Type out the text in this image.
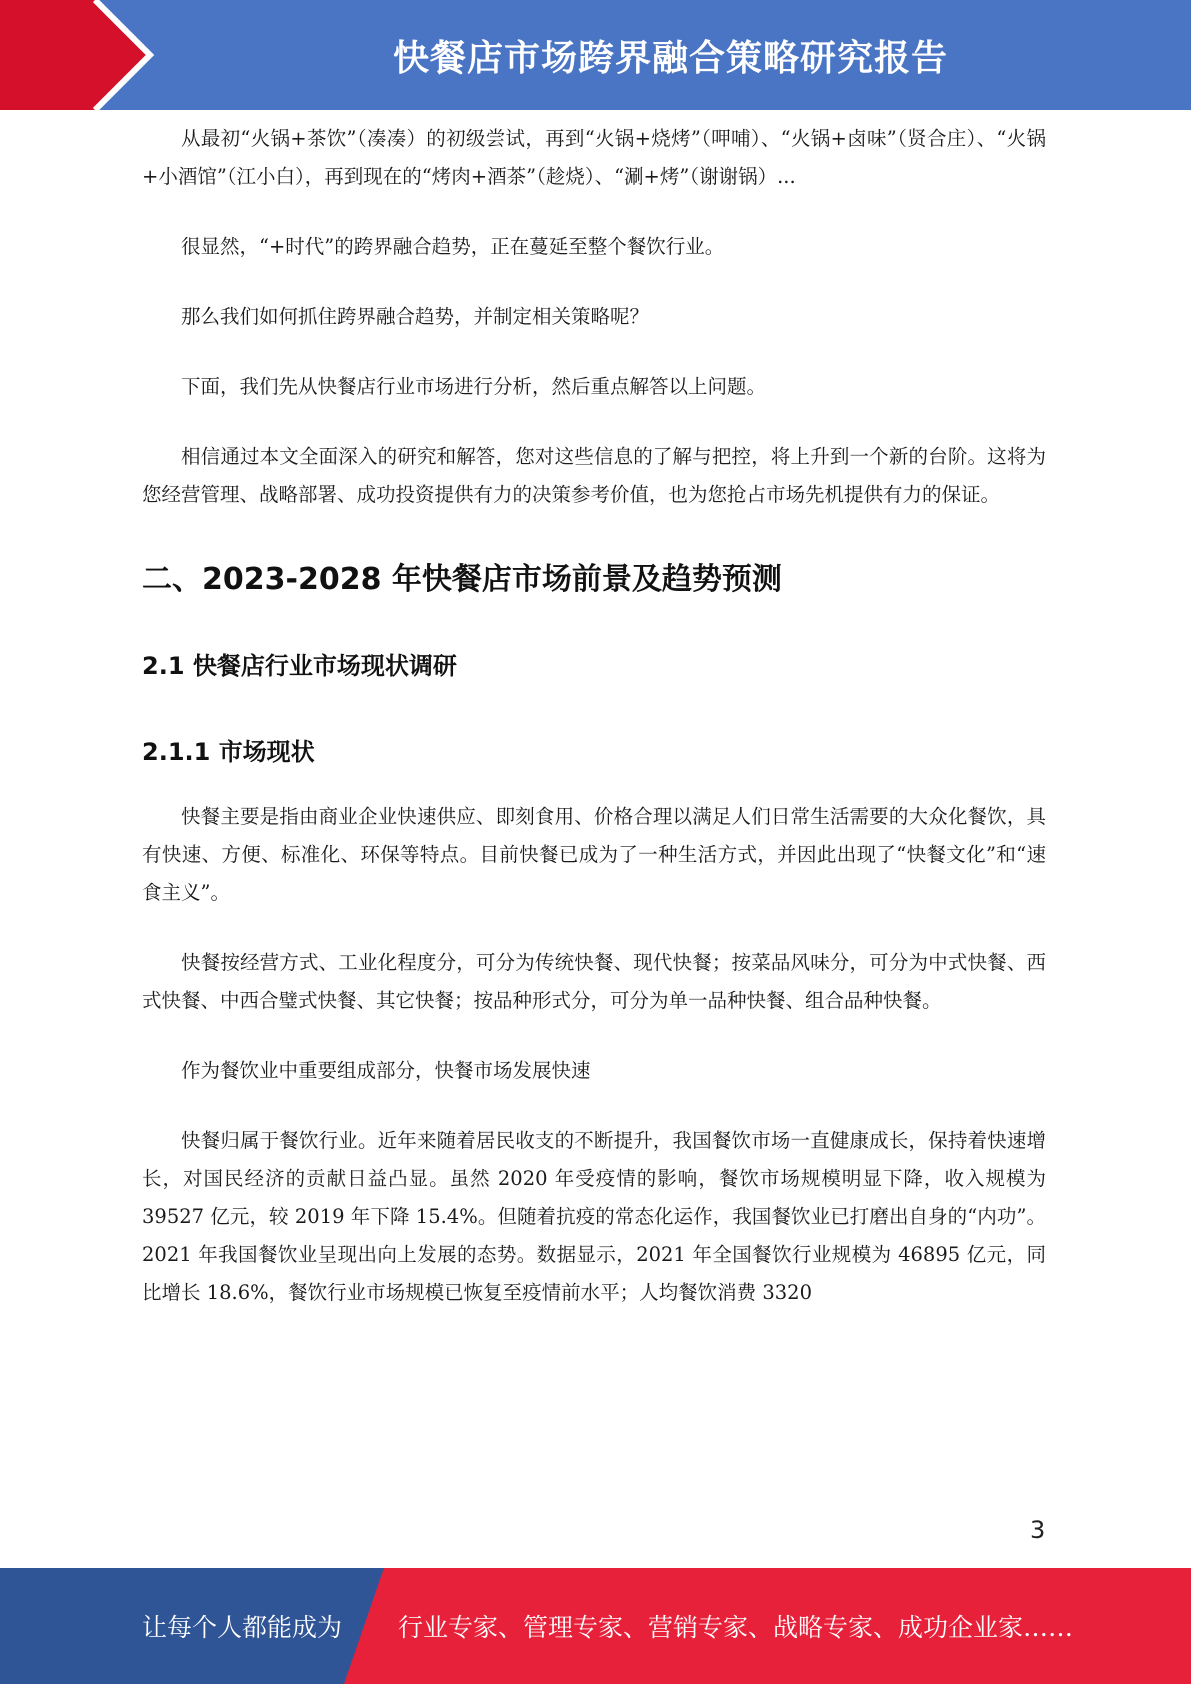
快餐店市场跨界融合策略研究报告

从最初“火锅+茶饮”（凑凑）的初级尝试，再到“火锅+烧烤”（呷哺）、“火锅+卤味”（贤合庄）、“火锅+小酒馆”（江小白），再到现在的“烤肉+酒茶”（趁烧）、“涮+烤”（谢谢锅）...

很显然，“+时代”的跨界融合趋势，正在蔓延至整个餐饮行业。

那么我们如何抓住跨界融合趋势，并制定相关策略呢？

下面，我们先从快餐店行业市场进行分析，然后重点解答以上问题。

相信通过本文全面深入的研究和解答，您对这些信息的了解与把控，将上升到一个新的台阶。这将为您经营管理、战略部署、成功投资提供有力的决策参考价值，也为您抢占市场先机提供有力的保证。

二、2023-2028 年快餐店市场前景及趋势预测
2.1 快餐店行业市场现状调研
2.1.1 市场现状

快餐主要是指由商业企业快速供应、即刻食用、价格合理以满足人们日常生活需要的大众化餐饮，具有快速、方便、标准化、环保等特点。目前快餐已成为了一种生活方式，并因此出现了“快餐文化”和“速食主义”。

快餐按经营方式、工业化程度分，可分为传统快餐、现代快餐；按菜品风味分，可分为中式快餐、西式快餐、中西合璧式快餐、其它快餐；按品种形式分，可分为单一品种快餐、组合品种快餐。

作为餐饮业中重要组成部分，快餐市场发展快速

快餐归属于餐饮行业。近年来随着居民收支的不断提升，我国餐饮市场一直健康成长，保持着快速增长，对国民经济的贡献日益凸显。虽然 2020 年受疫情的影响，餐饮市场规模明显下降，收入规模为 39527 亿元，较 2019 年下降 15.4%。但随着抗疫的常态化运作，我国餐饮业已打磨出自身的“内功”。2021 年我国餐饮业呈现出向上发展的态势。数据显示，2021 年全国餐饮行业规模为 46895 亿元，同比增长 18.6%，餐饮行业市场规模已恢复至疫情前水平；人均餐饮消费 3320

3
让每个人都能成为 行业专家、管理专家、营销专家、战略专家、成功企业家……
